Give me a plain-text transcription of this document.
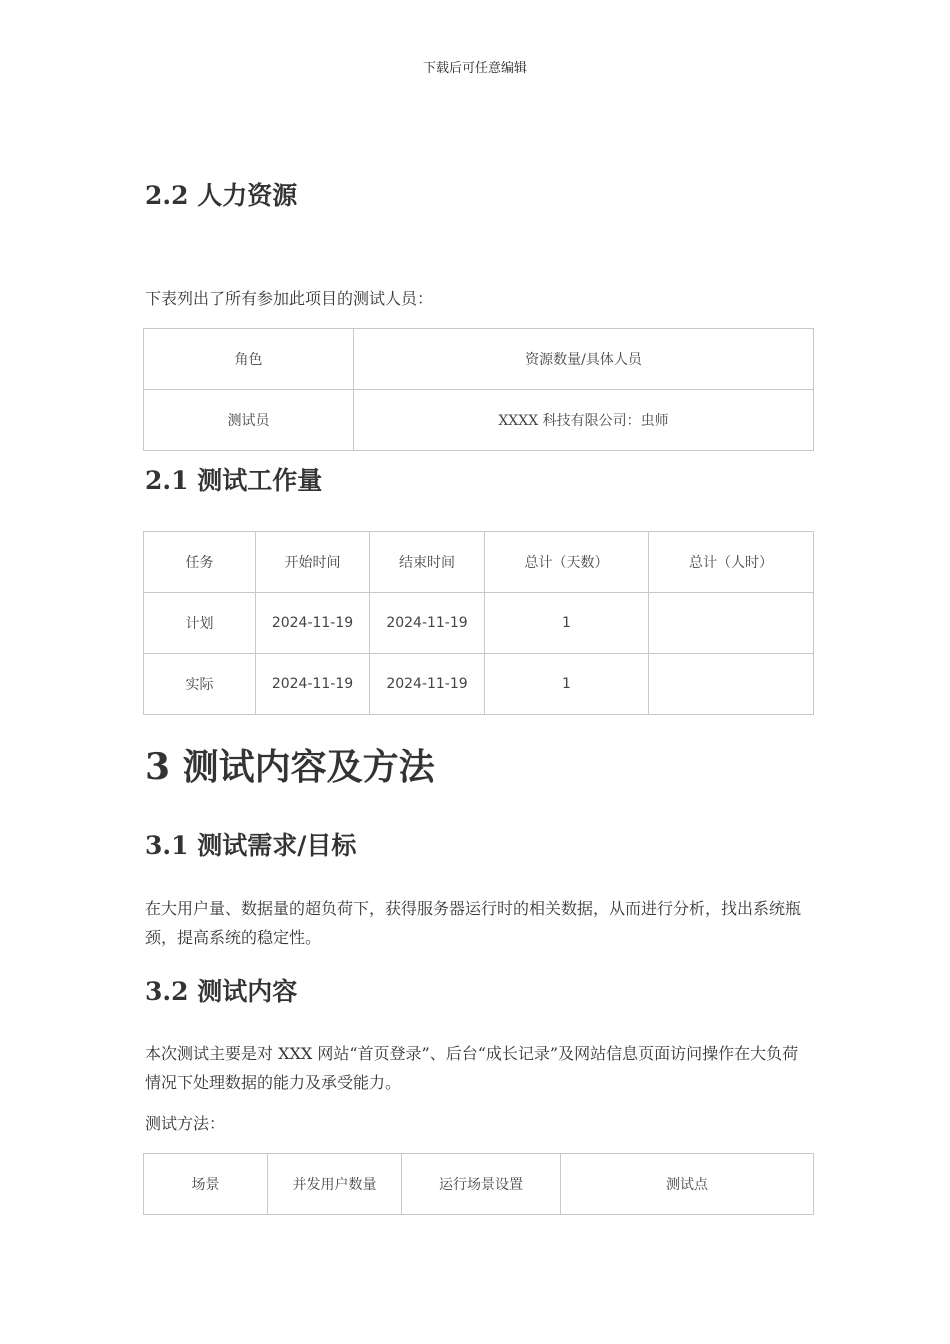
下载后可任意编辑
2.2 人力资源
下表列出了所有参加此项目的测试人员：
角色	资源数量/具体人员
测试员	XXXX 科技有限公司：虫师
2.1 测试工作量
任务	开始时间	结束时间	总计（天数）	总计（人时）
计划	2024-11-19	2024-11-19	1	
实际	2024-11-19	2024-11-19	1	
3 测试内容及方法
3.1 测试需求/目标
在大用户量、数据量的超负荷下，获得服务器运行时的相关数据，从而进行分析，找出系统瓶颈，提高系统的稳定性。
3.2 测试内容
本次测试主要是对 XXX 网站“首页登录”、后台“成长记录”及网站信息页面访问操作在大负荷情况下处理数据的能力及承受能力。
测试方法：
场景	并发用户数量	运行场景设置	测试点
